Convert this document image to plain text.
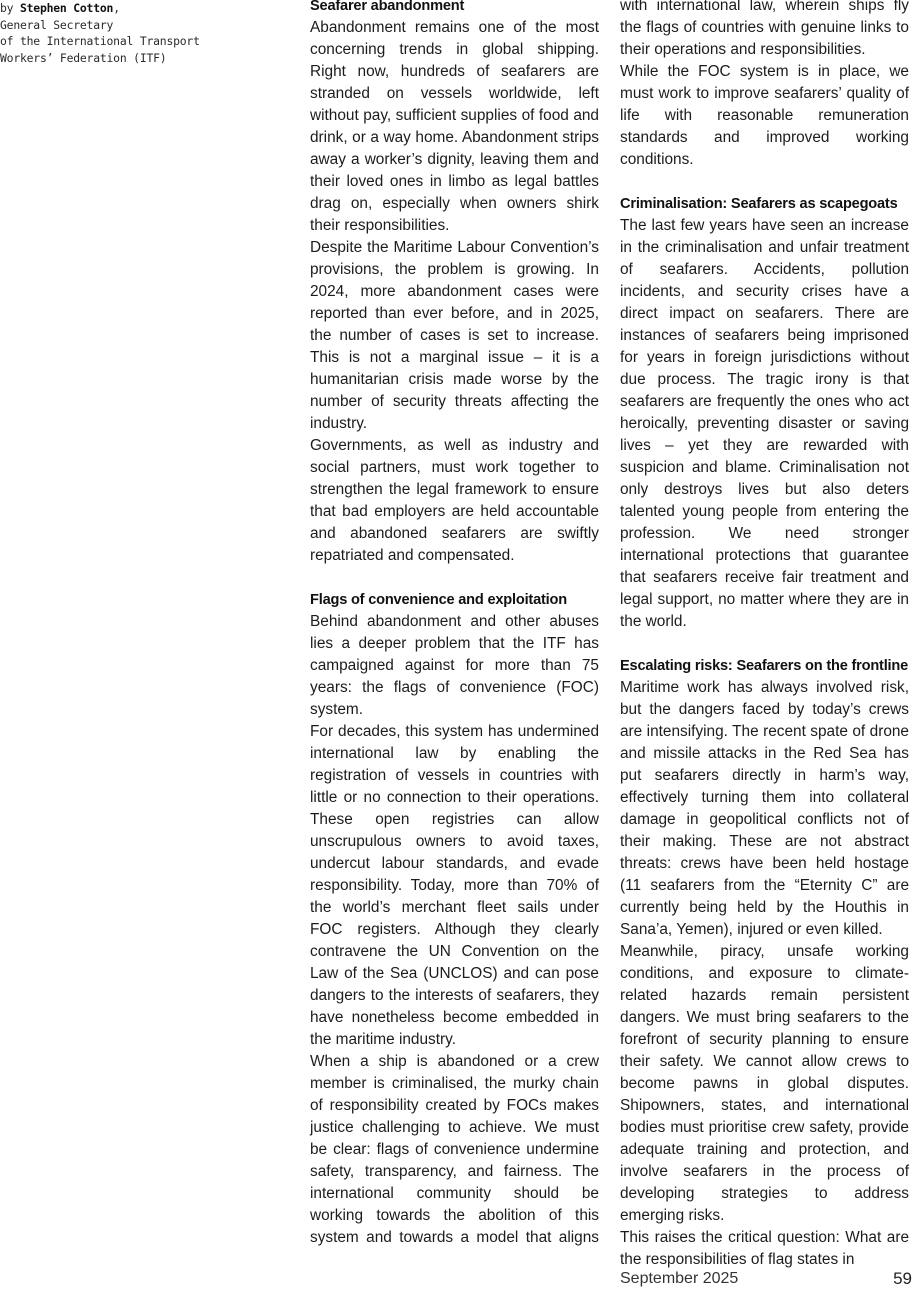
by Stephen Cotton,
General Secretary
of the International Transport
Workers’ Federation (ITF)
Seafarer abandonment

Abandonment remains one of the most concerning trends in global shipping. Right now, hundreds of seafarers are stranded on vessels worldwide, left without pay, sufficient supplies of food and drink, or a way home. Abandonment strips away a worker’s dignity, leaving them and their loved ones in limbo as legal battles drag on, especially when owners shirk their responsibilities.

Despite the Maritime Labour Convention’s provisions, the problem is growing. In 2024, more abandonment cases were reported than ever before, and in 2025, the number of cases is set to increase. This is not a marginal issue – it is a humanitarian crisis made worse by the number of security threats affecting the industry.

Governments, as well as industry and social partners, must work together to strengthen the legal framework to ensure that bad employers are held accountable and abandoned seafarers are swiftly repatriated and compensated.

Flags of convenience and exploitation

Behind abandonment and other abuses lies a deeper problem that the ITF has campaigned against for more than 75 years: the flags of convenience (FOC) system.

For decades, this system has undermined international law by enabling the registration of vessels in countries with little or no connection to their operations. These open registries can allow unscrupulous owners to avoid taxes, undercut labour standards, and evade responsibility. Today, more than 70% of the world’s merchant fleet sails under FOC registers. Although they clearly contravene the UN Convention on the Law of the Sea (UNCLOS) and can pose dangers to the interests of seafarers, they have nonetheless become embedded in the maritime industry.

When a ship is abandoned or a crew member is criminalised, the murky chain of responsibility created by FOCs makes justice challenging to achieve. We must be clear: flags of convenience undermine safety, transparency, and fairness. The international community should be working towards the abolition of this system and towards a model that aligns

with international law, wherein ships fly the flags of countries with genuine links to their operations and responsibilities.

While the FOC system is in place, we must work to improve seafarers’ quality of life with reasonable remuneration standards and improved working conditions.

Criminalisation: Seafarers as scapegoats

The last few years have seen an increase in the criminalisation and unfair treatment of seafarers. Accidents, pollution incidents, and security crises have a direct impact on seafarers. There are instances of seafarers being imprisoned for years in foreign jurisdictions without due process. The tragic irony is that seafarers are frequently the ones who act heroically, preventing disaster or saving lives – yet they are rewarded with suspicion and blame. Criminalisation not only destroys lives but also deters talented young people from entering the profession. We need stronger international protections that guarantee that seafarers receive fair treatment and legal support, no matter where they are in the world.

Escalating risks: Seafarers on the frontline

Maritime work has always involved risk, but the dangers faced by today’s crews are intensifying. The recent spate of drone and missile attacks in the Red Sea has put seafarers directly in harm’s way, effectively turning them into collateral damage in geopolitical conflicts not of their making. These are not abstract threats: crews have been held hostage (11 seafarers from the “Eternity C” are currently being held by the Houthis in Sana’a, Yemen), injured or even killed.

Meanwhile, piracy, unsafe working conditions, and exposure to climate-related hazards remain persistent dangers. We must bring seafarers to the forefront of security planning to ensure their safety. We cannot allow crews to become pawns in global disputes. Shipowners, states, and international bodies must prioritise crew safety, provide adequate training and protection, and involve seafarers in the process of developing strategies to address emerging risks.

This raises the critical question: What are the responsibilities of flag states in

September 2025	59
